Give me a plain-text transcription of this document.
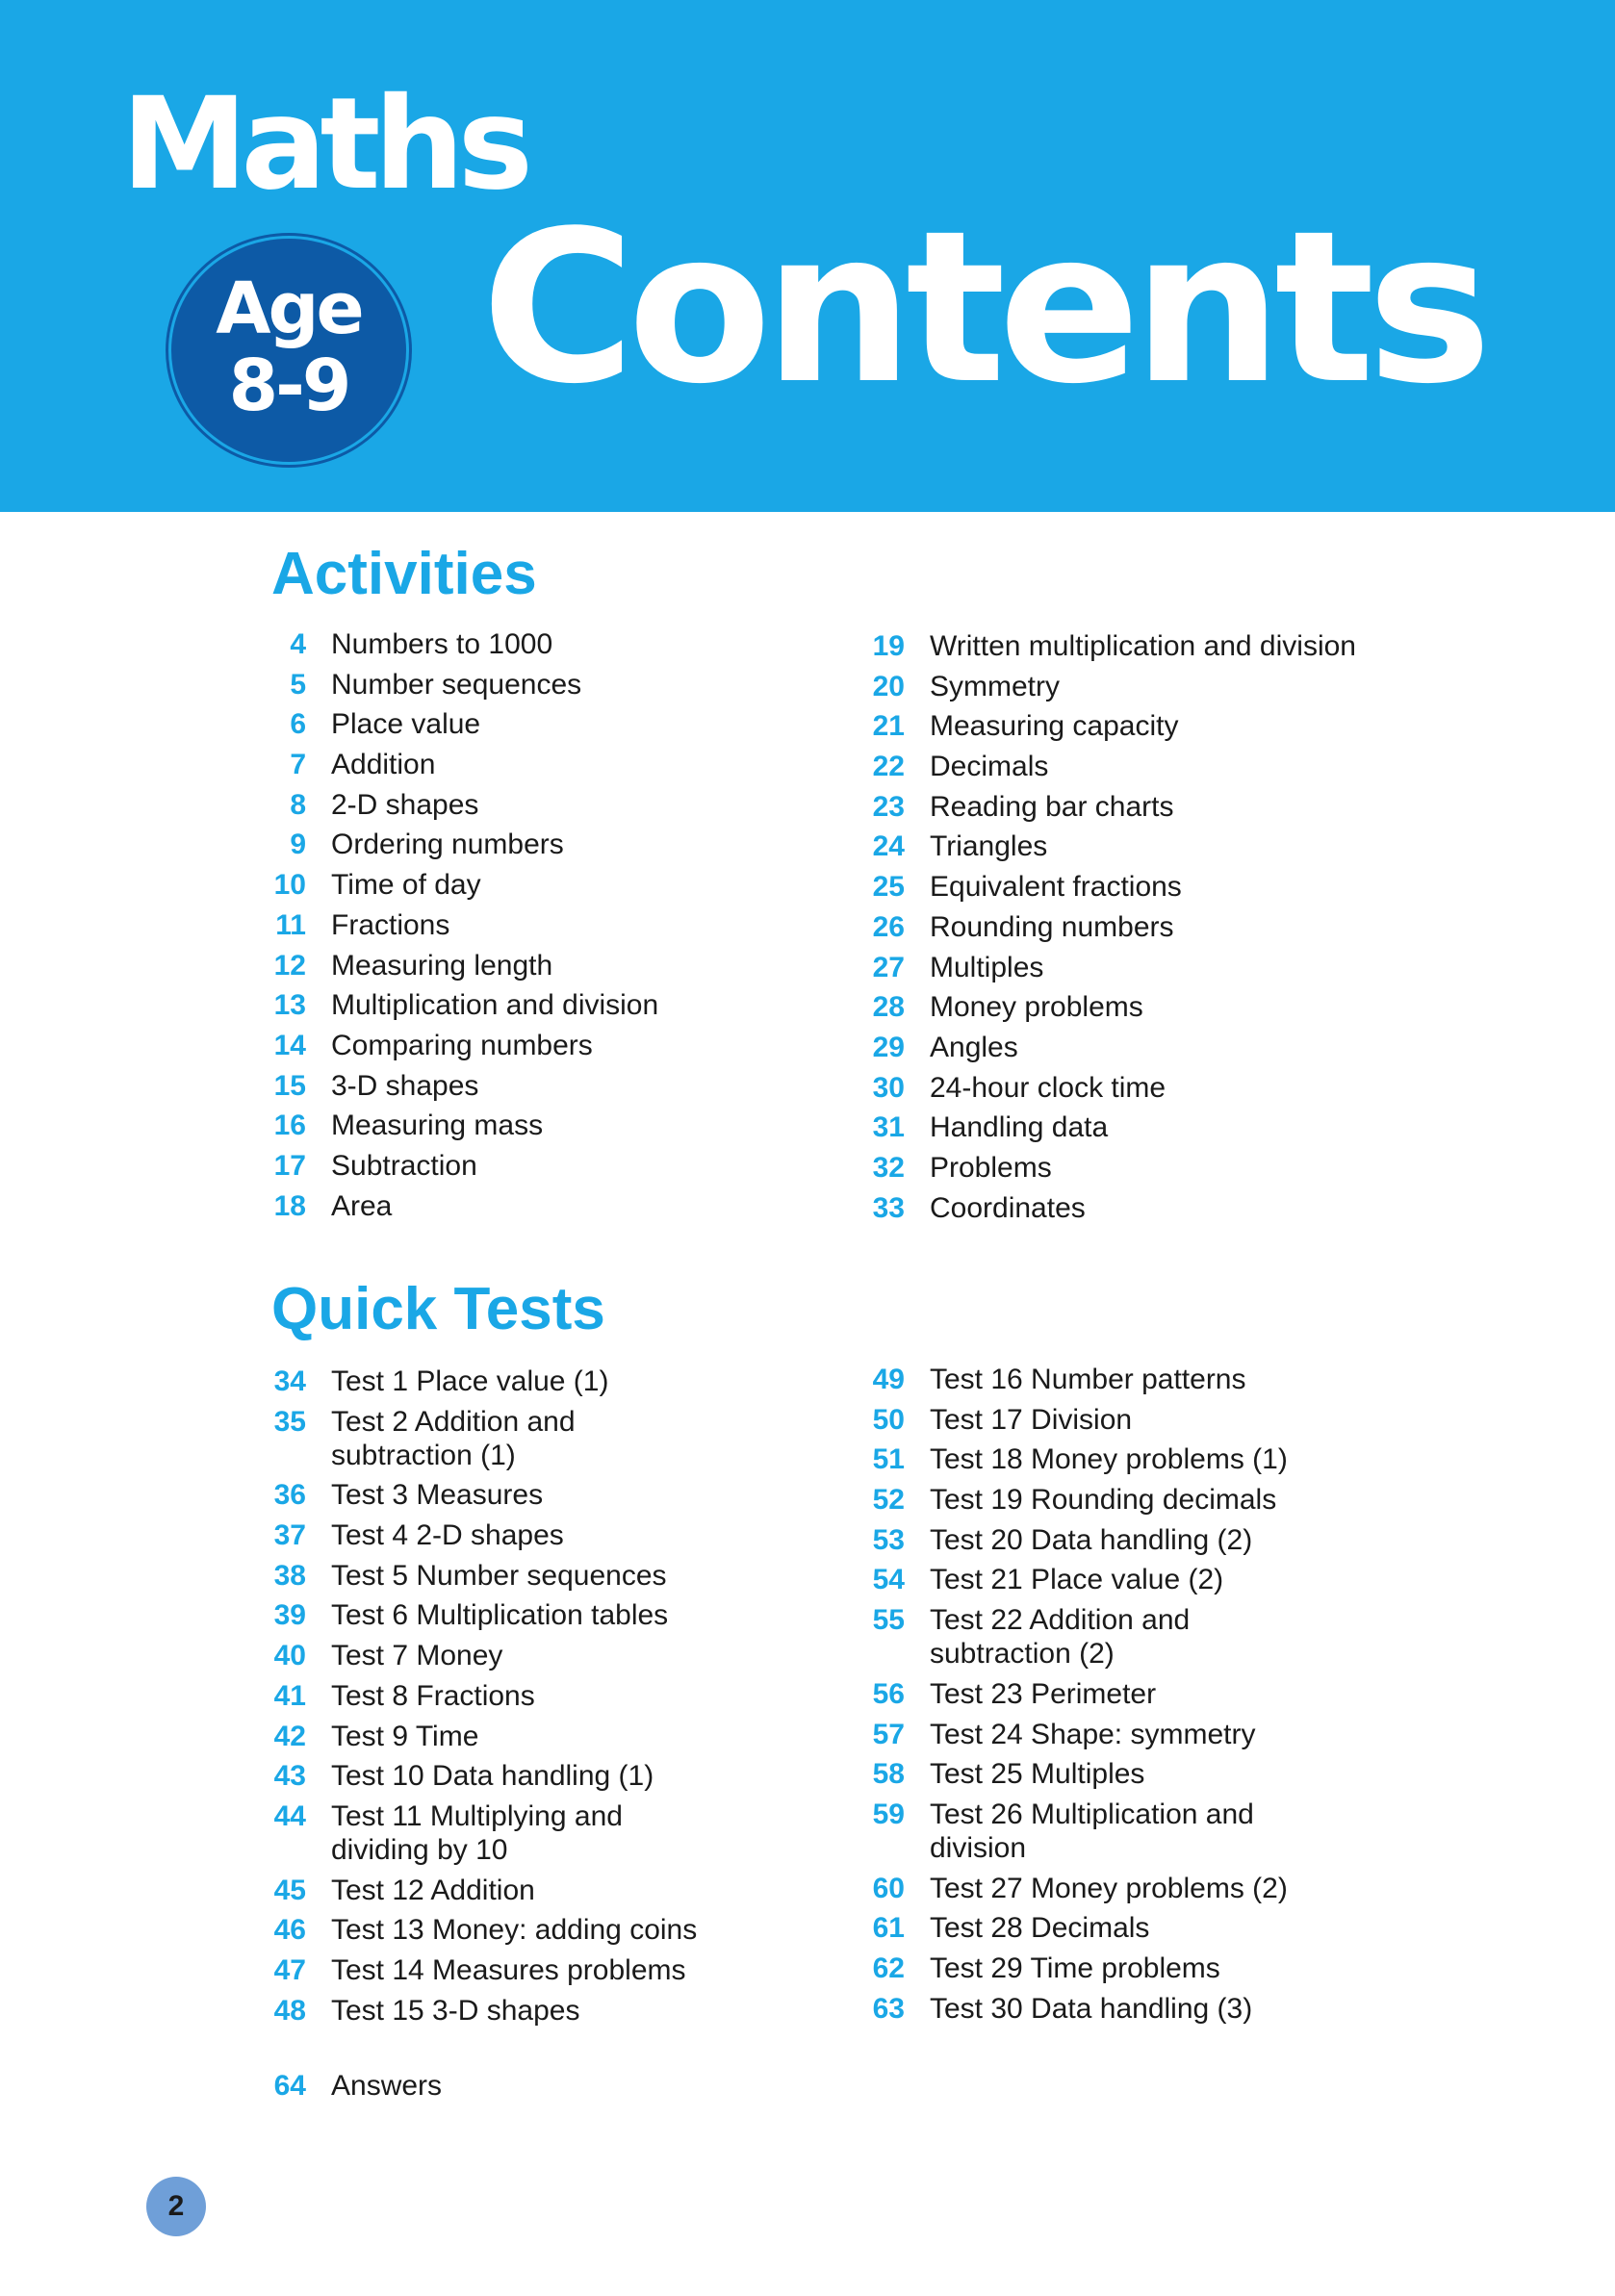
Maths
Age
8-9 Contents
Activities
4 Numbers to 1000
5 Number sequences
6 Place value
7 Addition
8 2-D shapes
9 Ordering numbers
10 Time of day
11 Fractions
12 Measuring length
13 Multiplication and division
14 Comparing numbers
15 3-D shapes
16 Measuring mass
17 Subtraction
18 Area
19 Written multiplication and division
20 Symmetry
21 Measuring capacity
22 Decimals
23 Reading bar charts
24 Triangles
25 Equivalent fractions
26 Rounding numbers
27 Multiples
28 Money problems
29 Angles
30 24-hour clock time
31 Handling data
32 Problems
33 Coordinates
Quick Tests
34 Test 1 Place value (1)
35 Test 2 Addition and
subtraction (1)
36 Test 3 Measures
37 Test 4 2-D shapes
38 Test 5 Number sequences
39 Test 6 Multiplication tables
40 Test 7 Money
41 Test 8 Fractions
42 Test 9 Time
43 Test 10 Data handling (1)
44 Test 11 Multiplying and
dividing by 10
45 Test 12 Addition
46 Test 13 Money: adding coins
47 Test 14 Measures problems
48 Test 15 3-D shapes
49 Test 16 Number patterns
50 Test 17 Division
51 Test 18 Money problems (1)
52 Test 19 Rounding decimals
53 Test 20 Data handling (2)
54 Test 21 Place value (2)
55 Test 22 Addition and
subtraction (2)
56 Test 23 Perimeter
57 Test 24 Shape: symmetry
58 Test 25 Multiples
59 Test 26 Multiplication and
division
60 Test 27 Money problems (2)
61 Test 28 Decimals
62 Test 29 Time problems
63 Test 30 Data handling (3)
64 Answers
2
